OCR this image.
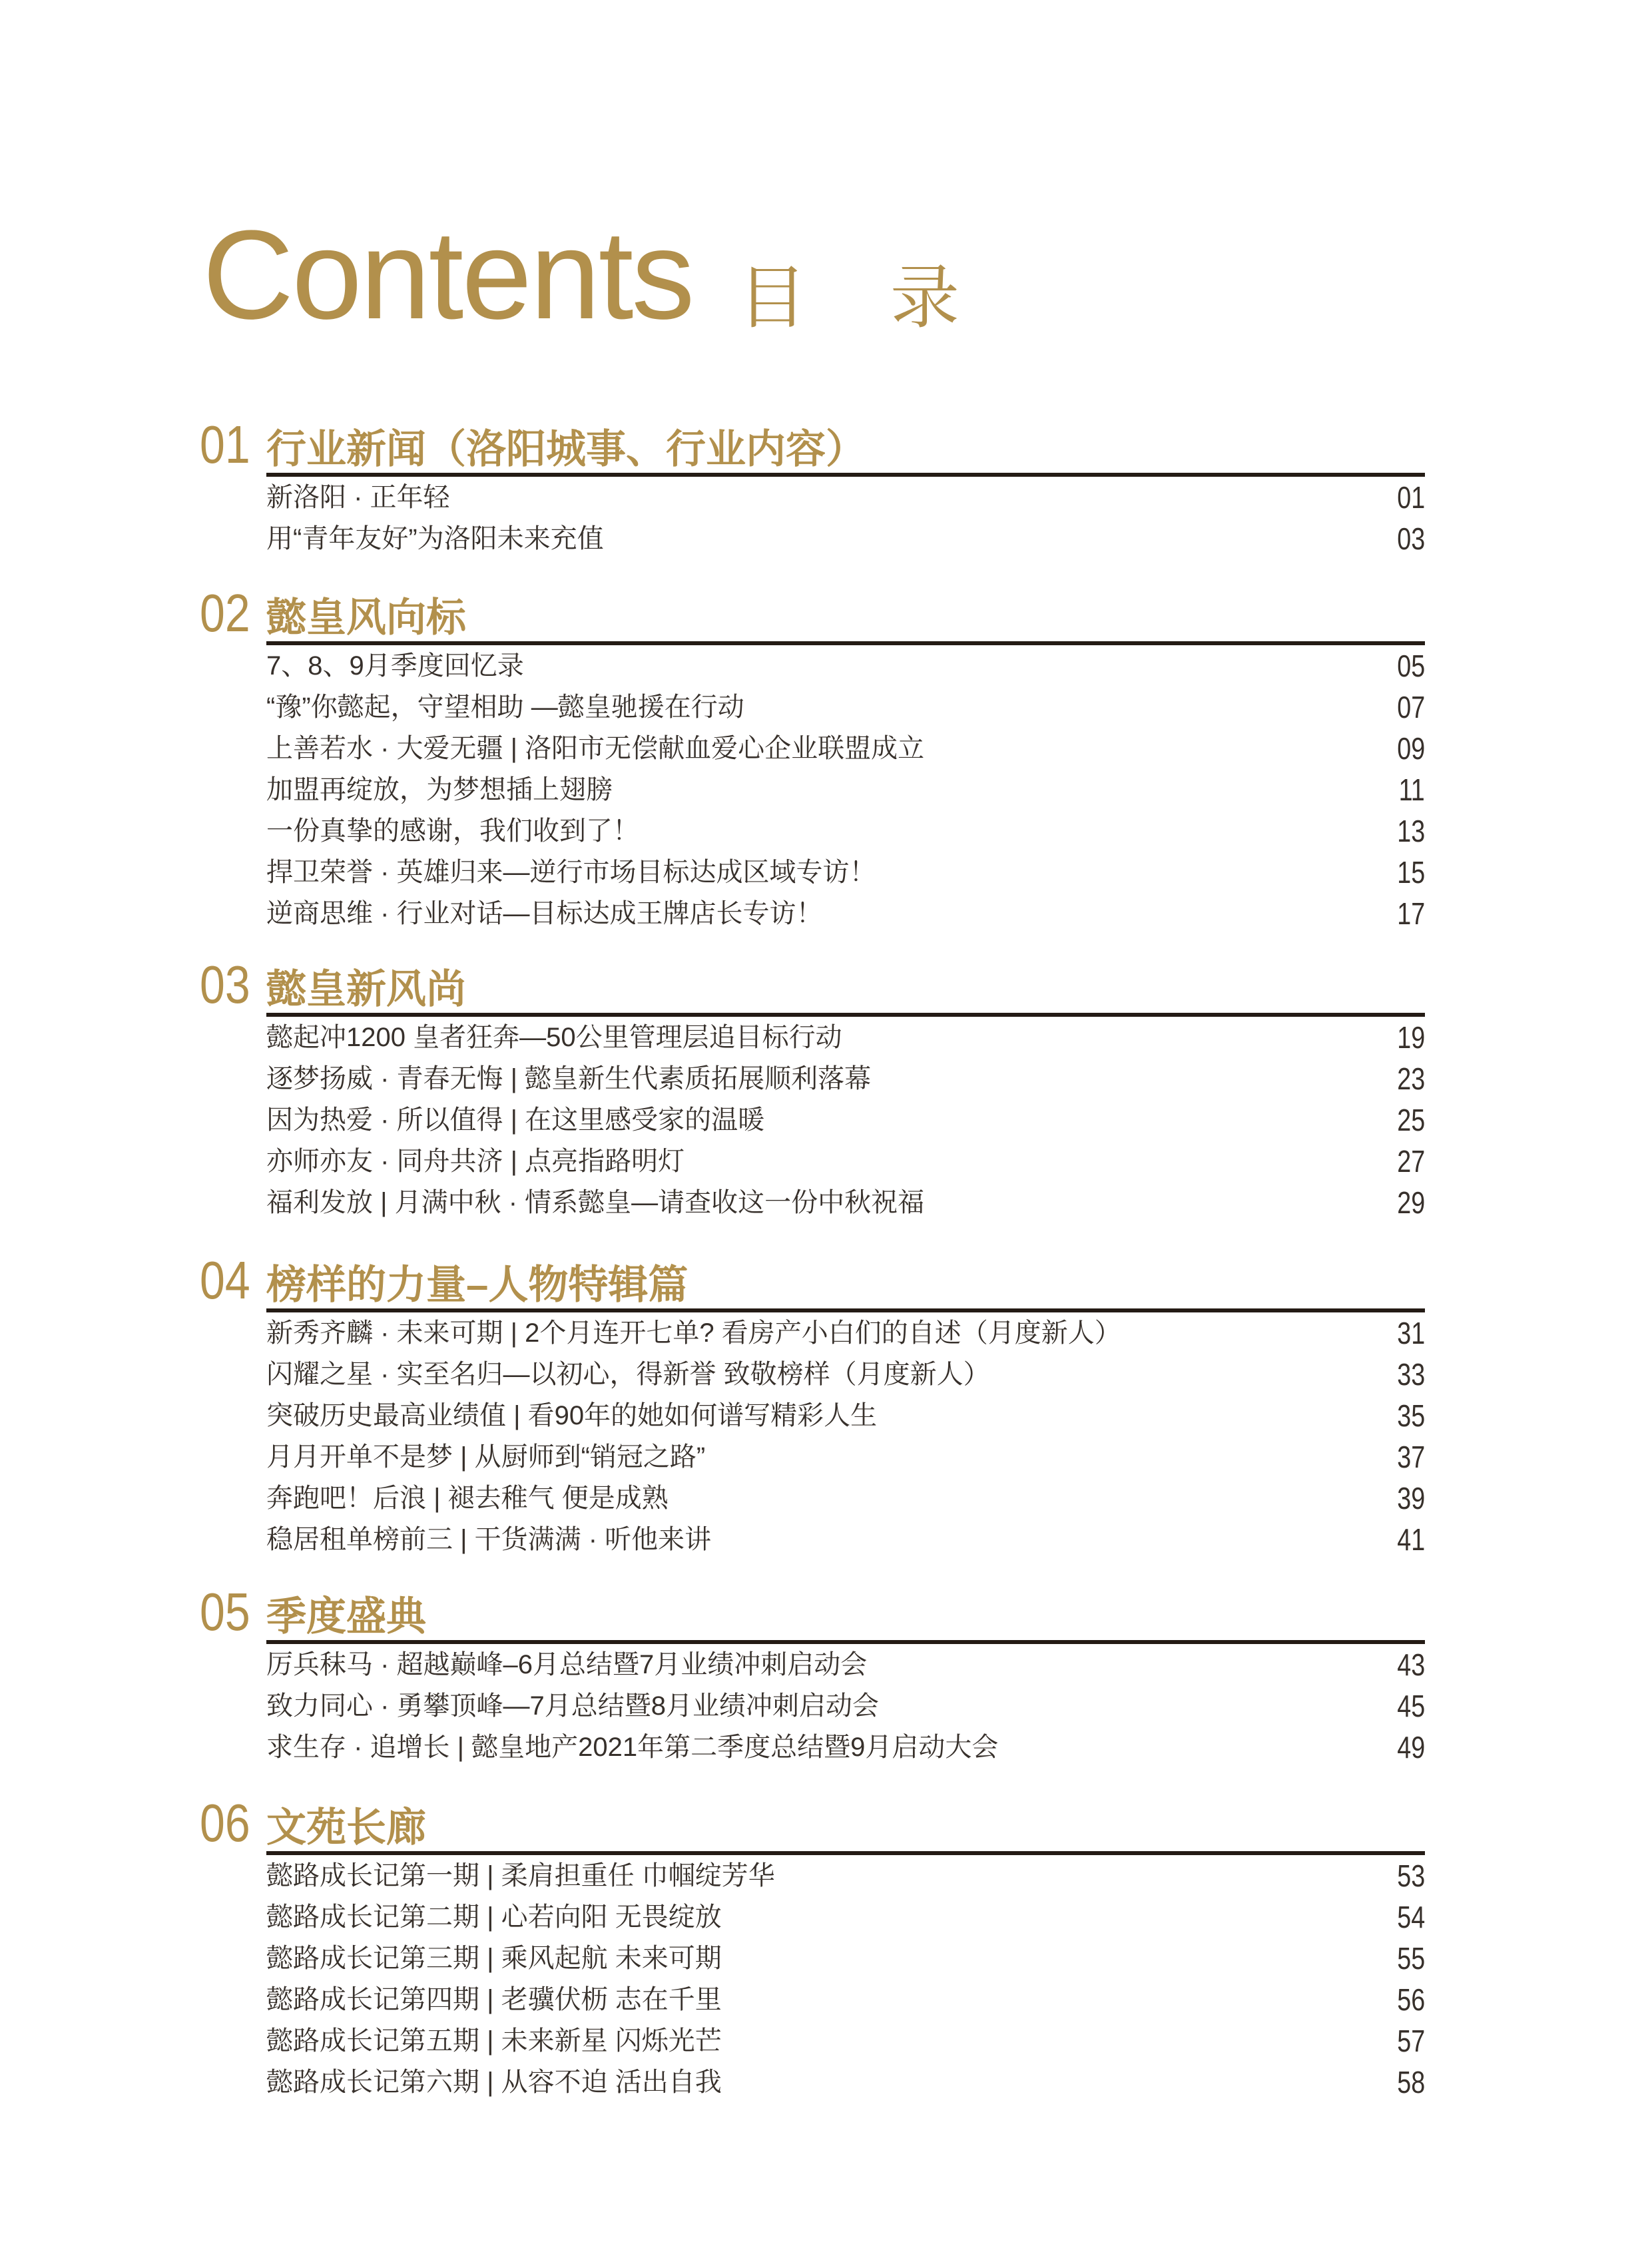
Contents 目 录
01 行业新闻（洛阳城事、行业内容）
新洛阳 · 正年轻	01
用“青年友好”为洛阳未来充值	03
02 懿皇风向标
7、8、9月季度回忆录	05
“豫”你懿起，守望相助 —懿皇驰援在行动	07
上善若水 · 大爱无疆 | 洛阳市无偿献血爱心企业联盟成立	09
加盟再绽放，为梦想插上翅膀	11
一份真挚的感谢，我们收到了！	13
捍卫荣誉 · 英雄归来—逆行市场目标达成区域专访！	15
逆商思维 · 行业对话—目标达成王牌店长专访！	17
03 懿皇新风尚
懿起冲1200 皇者狂奔—50公里管理层追目标行动	19
逐梦扬威 · 青春无悔 | 懿皇新生代素质拓展顺利落幕	23
因为热爱 · 所以值得 | 在这里感受家的温暖	25
亦师亦友 · 同舟共济 | 点亮指路明灯	27
福利发放 | 月满中秋 · 情系懿皇—请查收这一份中秋祝福	29
04 榜样的力量–人物特辑篇
新秀齐麟 · 未来可期 | 2个月连开七单? 看房产小白们的自述（月度新人）	31
闪耀之星 · 实至名归—以初心，得新誉 致敬榜样（月度新人）	33
突破历史最高业绩值 | 看90年的她如何谱写精彩人生	35
月月开单不是梦 | 从厨师到“销冠之路”	37
奔跑吧！后浪 | 褪去稚气 便是成熟	39
稳居租单榜前三 | 干货满满 · 听他来讲	41
05 季度盛典
厉兵秣马 · 超越巅峰–6月总结暨7月业绩冲刺启动会	43
致力同心 · 勇攀顶峰—7月总结暨8月业绩冲刺启动会	45
求生存 · 追增长 | 懿皇地产2021年第二季度总结暨9月启动大会	49
06 文苑长廊
懿路成长记第一期 | 柔肩担重任 巾帼绽芳华	53
懿路成长记第二期 | 心若向阳 无畏绽放	54
懿路成长记第三期 | 乘风起航 未来可期	55
懿路成长记第四期 | 老骥伏枥 志在千里	56
懿路成长记第五期 | 未来新星 闪烁光芒	57
懿路成长记第六期 | 从容不迫 活出自我	58
